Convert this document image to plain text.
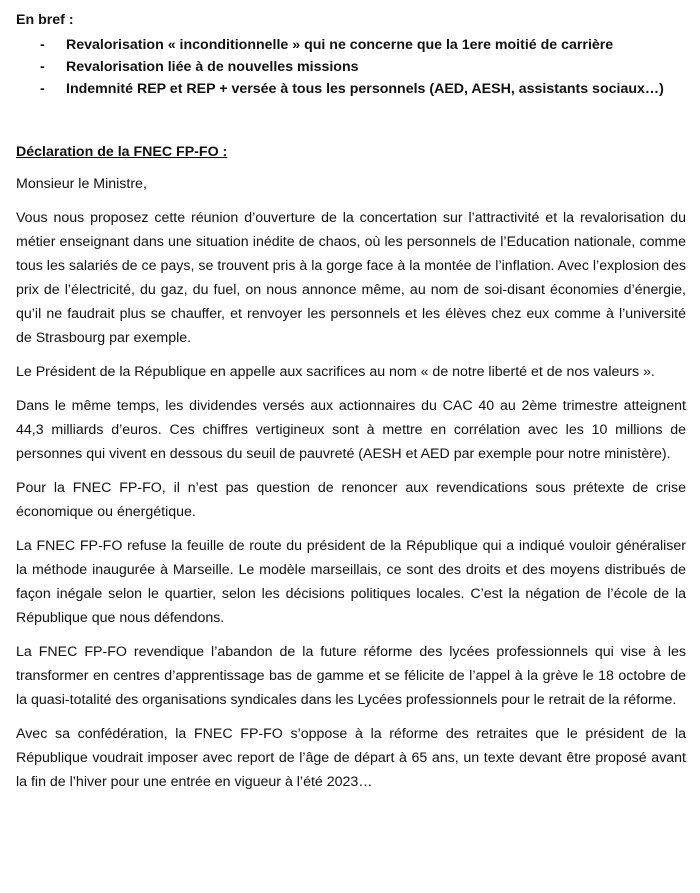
En bref :

- Revalorisation « inconditionnelle » qui ne concerne que la 1ere moitié de carrière
- Revalorisation liée à de nouvelles missions
- Indemnité REP et REP + versée à tous les personnels (AED, AESH, assistants sociaux…)
Déclaration de la FNEC FP-FO :

Monsieur le Ministre,

Vous nous proposez cette réunion d’ouverture de la concertation sur l’attractivité et la revalorisation du métier enseignant dans une situation inédite de chaos, où les personnels de l’Education nationale, comme tous les salariés de ce pays, se trouvent pris à la gorge face à la montée de l’inflation. Avec l’explosion des prix de l’électricité, du gaz, du fuel, on nous annonce même, au nom de soi-disant économies d’énergie, qu’il ne faudrait plus se chauffer, et renvoyer les personnels et les élèves chez eux comme à l’université de Strasbourg par exemple.

Le Président de la République en appelle aux sacrifices au nom « de notre liberté et de nos valeurs ».

Dans le même temps, les dividendes versés aux actionnaires du CAC 40 au 2ème trimestre atteignent 44,3 milliards d’euros. Ces chiffres vertigineux sont à mettre en corrélation avec les 10 millions de personnes qui vivent en dessous du seuil de pauvreté (AESH et AED par exemple pour notre ministère).

Pour la FNEC FP-FO, il n’est pas question de renoncer aux revendications sous prétexte de crise économique ou énergétique.

La FNEC FP-FO refuse la feuille de route du président de la République qui a indiqué vouloir généraliser la méthode inaugurée à Marseille. Le modèle marseillais, ce sont des droits et des moyens distribués de façon inégale selon le quartier, selon les décisions politiques locales. C’est la négation de l’école de la République que nous défendons.

La FNEC FP-FO revendique l’abandon de la future réforme des lycées professionnels qui vise à les transformer en centres d’apprentissage bas de gamme et se félicite de l’appel à la grève le 18 octobre de la quasi-totalité des organisations syndicales dans les Lycées professionnels pour le retrait de la réforme.

Avec sa confédération, la FNEC FP-FO s’oppose à la réforme des retraites que le président de la République voudrait imposer avec report de l’âge de départ à 65 ans, un texte devant être proposé avant la fin de l’hiver pour une entrée en vigueur à l’été 2023…
